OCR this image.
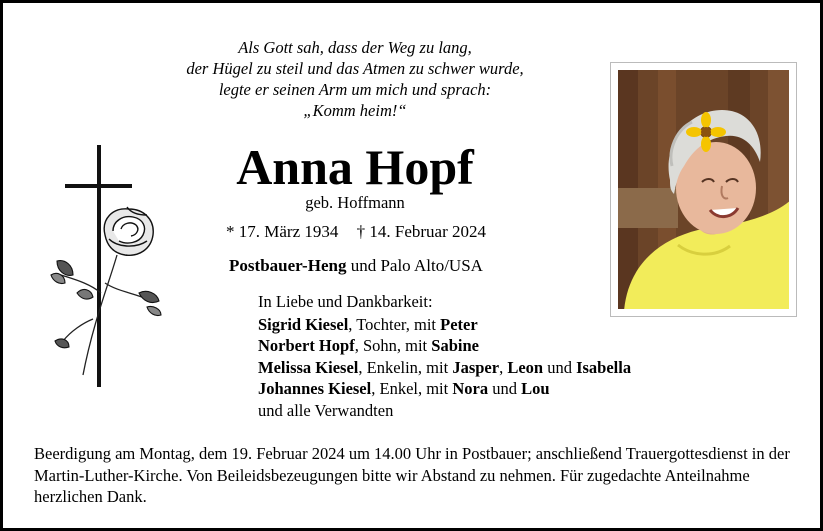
Als Gott sah, dass der Weg zu lang,
der Hügel zu steil und das Atmen zu schwer wurde,
legte er seinen Arm um mich und sprach:
„Komm heim!“
Anna Hopf
geb. Hoffmann
* 17. März 1934 † 14. Februar 2024
Postbauer-Heng und Palo Alto/USA
In Liebe und Dankbarkeit:
Sigrid Kiesel, Tochter, mit Peter
Norbert Hopf, Sohn, mit Sabine
Melissa Kiesel, Enkelin, mit Jasper, Leon und Isabella
Johannes Kiesel, Enkel, mit Nora und Lou
und alle Verwandten
Beerdigung am Montag, dem 19. Februar 2024 um 14.00 Uhr in Postbauer; anschließend Trauergottesdienst in der Martin-Luther-Kirche. Von Beileidsbezeugungen bitte wir Abstand zu nehmen. Für zugedachte Anteilnahme herzlichen Dank.
